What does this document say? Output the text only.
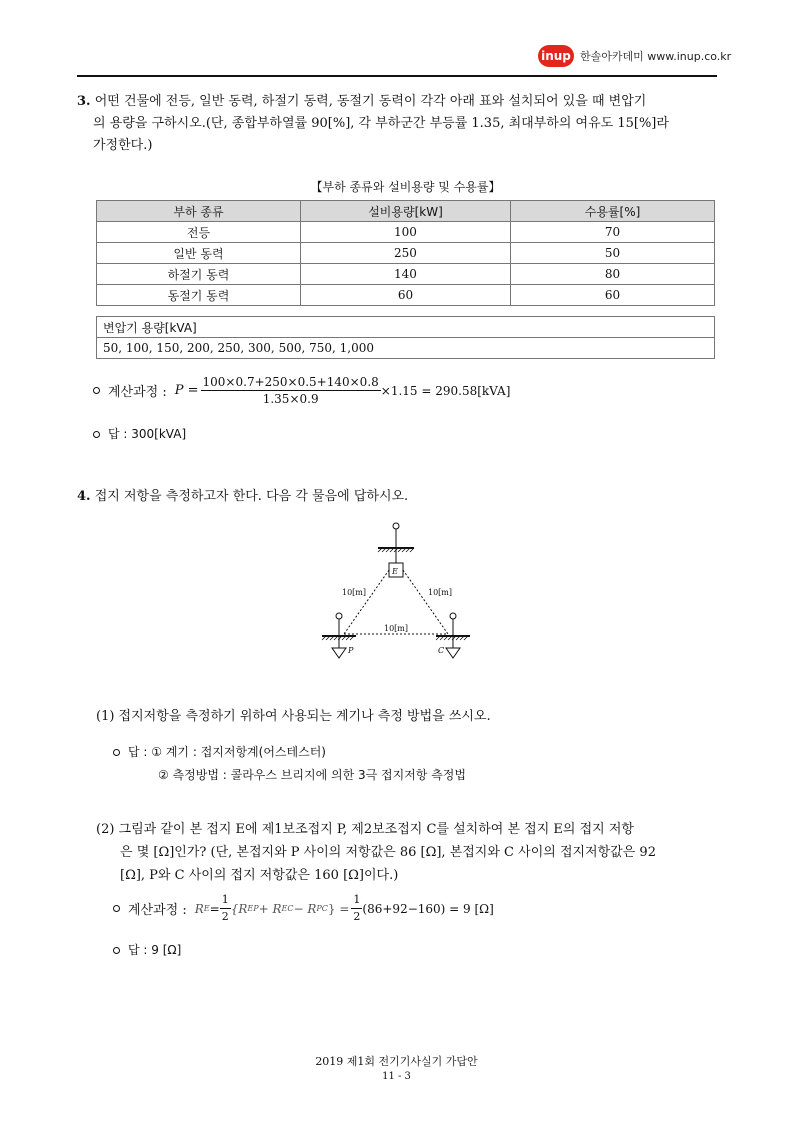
inup 한솔아카데미 www.inup.co.kr
3. 어떤 건물에 전등, 일반 동력, 하절기 동력, 동절기 동력이 각각 아래 표와 설치되어 있을 때 변압기
의 용량을 구하시오.(단, 종합부하열률 90[%], 각 부하군간 부등률 1.35, 최대부하의 여유도 15[%]라
가정한다.)
【부하 종류와 설비용량 및 수용률】
부하 종류	설비용량[kW]	수용률[%]
전등	100	70
일반 동력	250	50
하절기 동력	140	80
동절기 동력	60	60
변압기 용량[kVA]
50, 100, 150, 200, 250, 300, 500, 750, 1,000
계산과정 : $P = \frac{100\times 0.7+250\times 0.5+140\times 0.8}{1.35\times 0.9} \times 1.15 = 290.58[kVA]$
답 : 300[kVA]
4. 접지 저항을 측정하고자 한다. 다음 각 물음에 답하시오.
E
10[m]	10[m]
10[m]
P	C
(1) 접지저항을 측정하기 위하여 사용되는 계기나 측정 방법을 쓰시오.
답 : ① 계기 : 접지저항계(어스테스터)
② 측정방법 : 콜라우스 브리지에 의한 3극 접지저항 측정법
(2) 그림과 같이 본 접지 E에 제1보조접지 P, 제2보조접지 C를 설치하여 본 접지 E의 접지 저항
은 몇 [Ω]인가? (단, 본접지와 P 사이의 저항값은 86 [Ω], 본접지와 C 사이의 접지저항값은 92
[Ω], P와 C 사이의 접지 저항값은 160 [Ω]이다.)
계산과정 : R $E = \frac{1}{2} \{R$ EP + R EC − R PC } = $\frac{1}{2} (86+92-160) = 9$ [Ω]
답 : 9 [Ω]
2019 제1회 전기기사실기 가답안
11 - 3
